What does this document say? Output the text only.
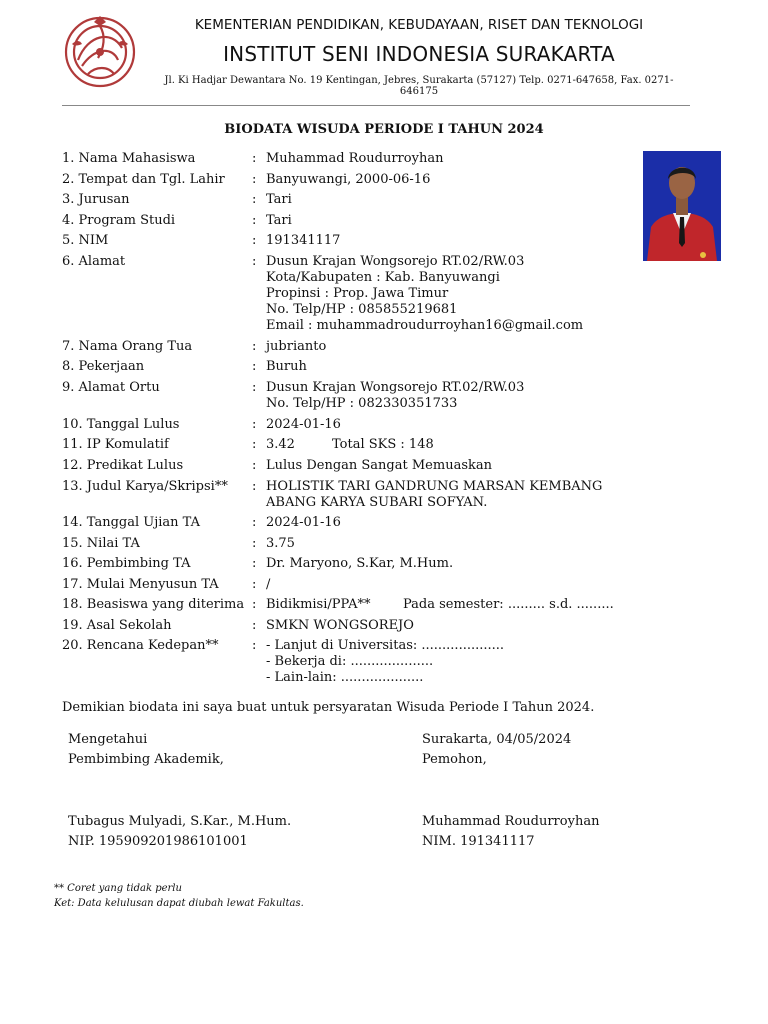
KEMENTERIAN PENDIDIKAN, KEBUDAYAAN, RISET DAN TEKNOLOGI
INSTITUT SENI INDONESIA SURAKARTA
Jl. Ki Hadjar Dewantara No. 19 Kentingan, Jebres, Surakarta (57127) Telp. 0271-647658, Fax. 0271-646175
BIODATA WISUDA PERIODE I TAHUN 2024
1. Nama Mahasiswa	: Muhammad Roudurroyhan
2. Tempat dan Tgl. Lahir : Banyuwangi, 2000-06-16
3. Jurusan	: Tari
4. Program Studi	: Tari
5. NIM	: 191341117
6. Alamat	: Dusun Krajan Wongsorejo RT.02/RW.03
Kota/Kabupaten : Kab. Banyuwangi
Propinsi : Prop. Jawa Timur
No. Telp/HP : 085855219681
Email : muhammadroudurroyhan16@gmail.com
7. Nama Orang Tua	: jubrianto
8. Pekerjaan	: Buruh
9. Alamat Ortu	: Dusun Krajan Wongsorejo RT.02/RW.03
No. Telp/HP : 082330351733
10. Tanggal Lulus	: 2024-01-16
11. IP Komulatif	: 3.42	Total SKS : 148
12. Predikat Lulus	: Lulus Dengan Sangat Memuaskan
13. Judul Karya/Skripsi** : HOLISTIK TARI GANDRUNG MARSAN KEMBANG
ABANG KARYA SUBARI SOFYAN.
14. Tanggal Ujian TA	: 2024-01-16
15. Nilai TA	: 3.75
16. Pembimbing TA	: Dr. Maryono, S.Kar, M.Hum.
17. Mulai Menyusun TA	: /
18. Beasiswa yang diterima : Bidikmisi/PPA**	Pada semester: ......... s.d. .........
19. Asal Sekolah	: SMKN WONGSOREJO
20. Rencana Kedepan**	: - Lanjut di Universitas: ....................
- Bekerja di: ....................
- Lain-lain: ....................
Demikian biodata ini saya buat untuk persyaratan Wisuda Periode I Tahun 2024.
Mengetahui
Pembimbing Akademik,
Tubagus Mulyadi, S.Kar., M.Hum.
NIP. 195909201986101001
Surakarta, 04/05/2024
Pemohon,
Muhammad Roudurroyhan
NIM. 191341117
** Coret yang tidak perlu
Ket: Data kelulusan dapat diubah lewat Fakultas.
